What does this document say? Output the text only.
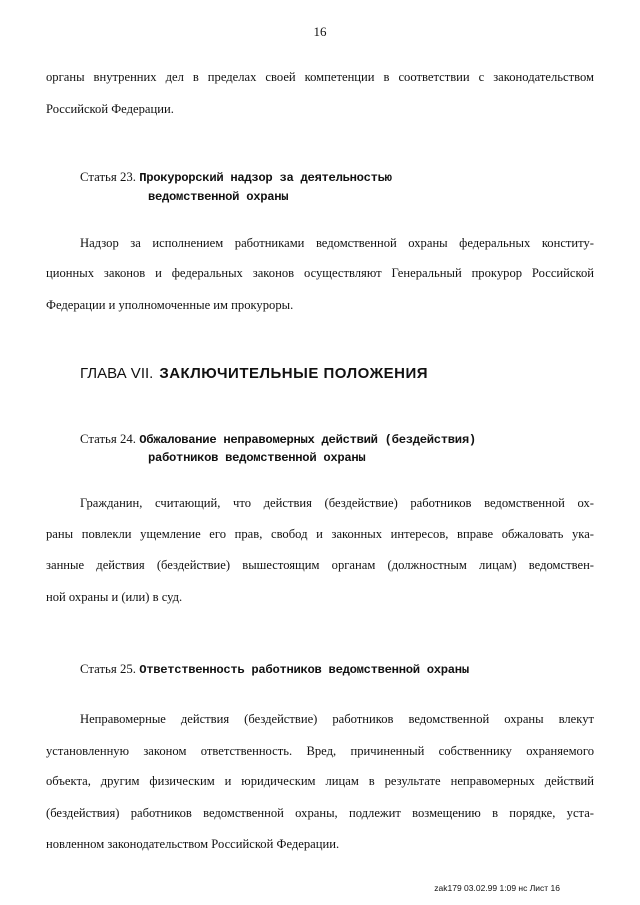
16

органы внутренних дел в пределах своей компетенции в соответствии с законодательством

Российской Федерации.

Статья 23. Прокурорский надзор за деятельностью
ведомственной охраны

Надзор за исполнением работниками ведомственной охраны федеральных конститу-

ционных законов и федеральных законов осуществляют Генеральный прокурор Российской

Федерации и уполномоченные им прокуроры.

ГЛАВА VII. ЗАКЛЮЧИТЕЛЬНЫЕ ПОЛОЖЕНИЯ
Статья 24. Обжалование неправомерных действий (бездействия)
работников ведомственной охраны

Гражданин, считающий, что действия (бездействие) работников ведомственной ох-

раны повлекли ущемление его прав, свобод и законных интересов, вправе обжаловать ука-

занные действия (бездействие) вышестоящим органам (должностным лицам) ведомствен-

ной охраны и (или) в суд.

Статья 25. Ответственность работников ведомственной охраны

Неправомерные действия (бездействие) работников ведомственной охраны влекут

установленную законом ответственность. Вред, причиненный собственнику охраняемого

объекта, другим физическим и юридическим лицам в результате неправомерных действий

(бездействия) работников ведомственной охраны, подлежит возмещению в порядке, уста-

новленном законодательством Российской Федерации.

zak179 03.02.99 1:09 нс Лист 16
